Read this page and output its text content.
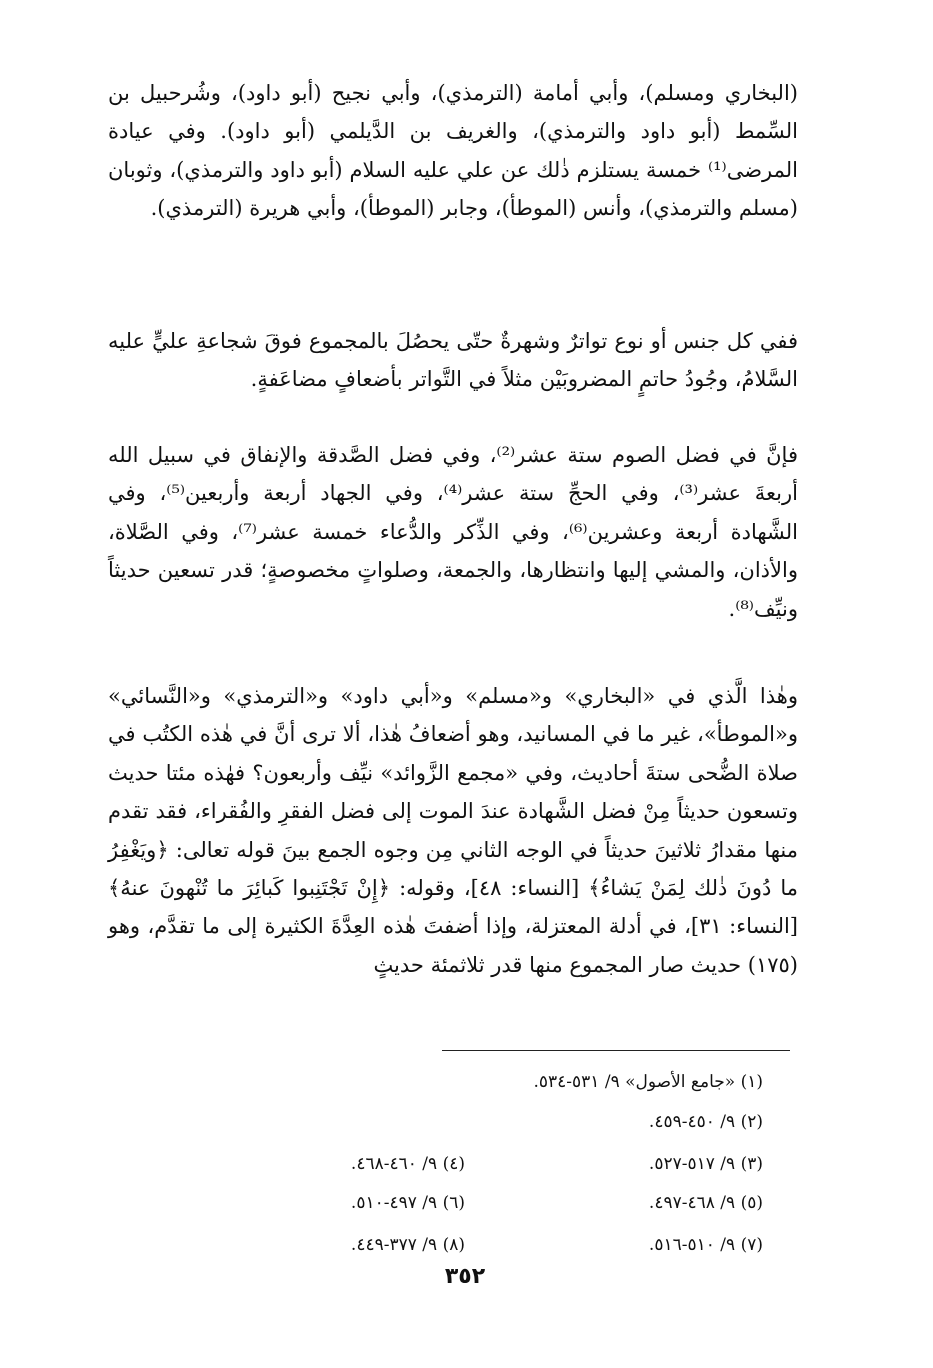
(البخاري ومسلم)، وأبي أمامة (الترمذي)، وأبي نجيح (أبو داود)، وشُرحبيل بن السِّمط (أبو داود والترمذي)، والغريف بن الدَّيلمي (أبو داود). وفي عيادة المرضى⁽¹⁾ خمسة يستلزم ذٰلك عن علي عليه السلام (أبو داود والترمذي)، وثوبان (مسلم والترمذي)، وأنس (الموطأ)، وجابر (الموطأ)، وأبي هريرة (الترمذي).

ففي كل جنس أو نوع تواترٌ وشهرةٌ حتّى يحصُلَ بالمجموع فوقَ شجاعةِ عليٍّ عليه السَّلامُ، وجُودُ حاتمٍ المضروبَيْن مثلاً في التَّواتر بأضعافٍ مضاعَفةٍ.

فإنَّ في فضل الصوم ستة عشر⁽²⁾، وفي فضل الصَّدقة والإنفاق في سبيل الله أربعةَ عشر⁽³⁾، وفي الحجِّ ستة عشر⁽⁴⁾، وفي الجهاد أربعة وأربعين⁽⁵⁾، وفي الشَّهادة أربعة وعشرين⁽⁶⁾، وفي الذِّكر والدُّعاء خمسة عشر⁽⁷⁾، وفي الصَّلاة، والأذان، والمشي إليها وانتظارها، والجمعة، وصلواتٍ مخصوصةٍ؛ قدر تسعين حديثاً ونيِّف⁽⁸⁾.

وهٰذا الَّذي في «البخاري» و«مسلم» و«أبي داود» و«الترمذي» و«النَّسائي» و«الموطأ»، غير ما في المسانيد، وهو أضعافُ هٰذا، ألا ترى أنَّ في هٰذه الكتُب في صلاة الضُّحى ستةَ أحاديث، وفي «مجمع الزَّوائد» نيِّف وأربعون؟ فهٰذه مئتا حديث وتسعون حديثاً مِنْ فضل الشَّهادة عندَ الموت إلى فضل الفقرِ والفُقراء، فقد تقدم منها مقدارُ ثلاثينَ حديثاً في الوجه الثاني مِن وجوه الجمع بينَ قوله تعالى: ﴿ويَغْفِرُ ما دُونَ ذٰلك لِمَنْ يَشاءُ﴾ [النساء: ٤٨]، وقوله: ﴿إِنْ تَجْتَنِبوا كَبائِرَ ما تُنْهونَ عنهُ﴾ [النساء: ٣١]، في أدلة المعتزلة، وإذا أضفتَ هٰذه العِدَّةَ الكثيرة إلى ما تقدَّم، وهو (١٧٥) حديث صار المجموع منها قدر ثلاثمئة حديثٍ

(١) «جامع الأصول» ٩/ ٥٣١-٥٣٤.
(٢) ٩/ ٤٥٠-٤٥٩.
(٣) ٩/ ٥١٧-٥٢٧.
(٤) ٩/ ٤٦٠-٤٦٨.
(٥) ٩/ ٤٦٨-٤٩٧.
(٦) ٩/ ٤٩٧-٥١٠.
(٧) ٩/ ٥١٠-٥١٦.
(٨) ٩/ ٣٧٧-٤٤٩.
٣٥٢
